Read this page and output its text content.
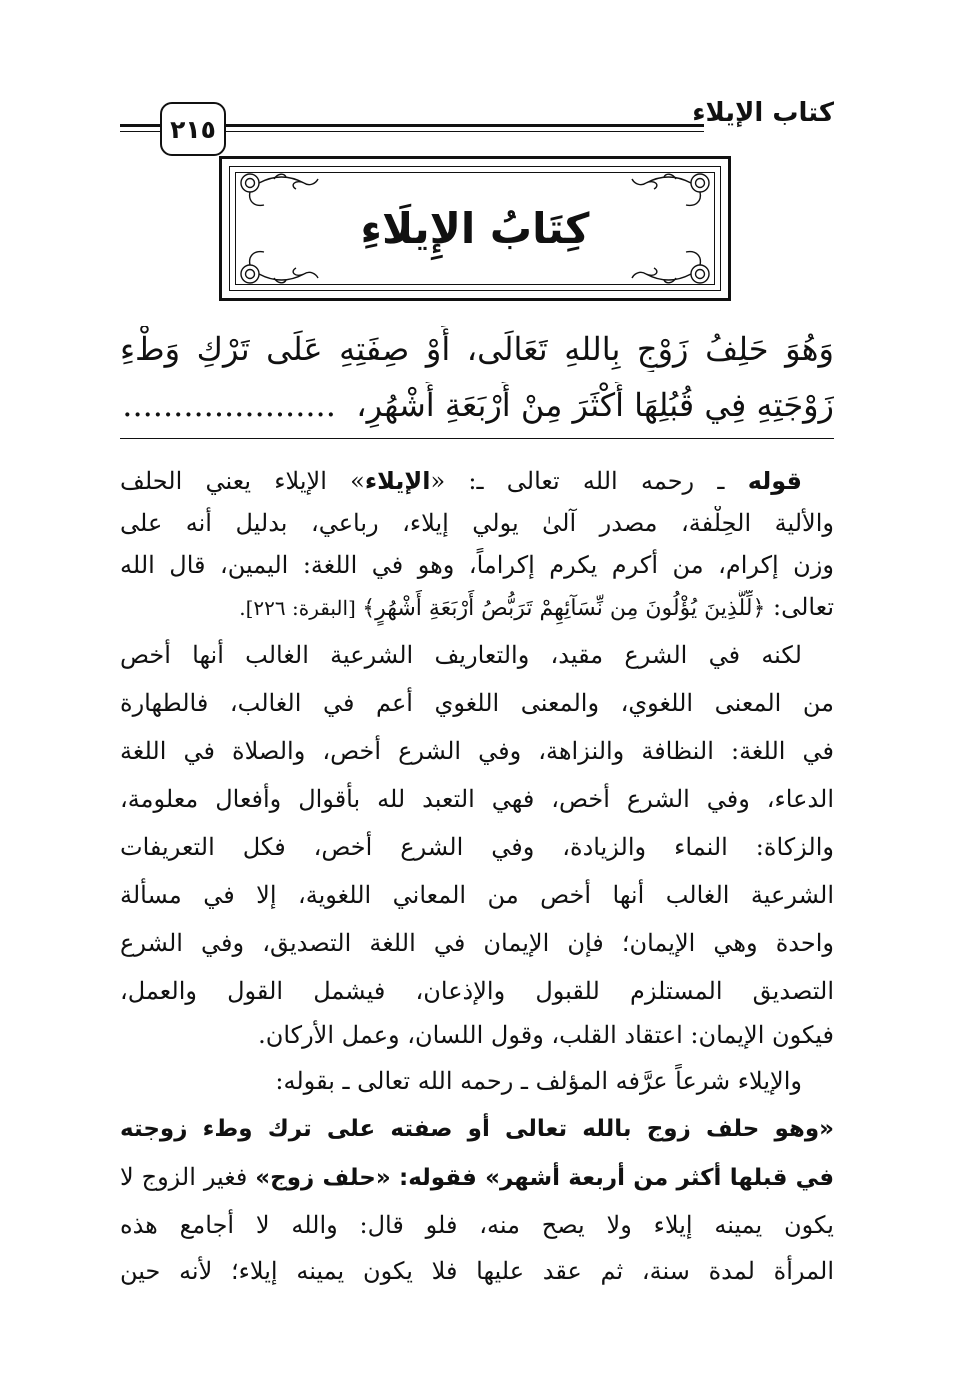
كتاب الإيلاء
٢١٥
كِتَابُ الإِيلَاءِ
وَهُوَ حَلِفُ زَوْجٍ بِاللهِ تَعَالَى، أَوْ صِفَتِهِ عَلَى تَرْكِ وَطْءِ
زَوْجَتِهِ فِي قُبُلِهَا أَكْثَرَ مِنْ أَرْبَعَةِ أَشْهُرٍ،  .....................
قوله ـ رحمه الله تعالى ـ: «الإيلاء» الإيلاء يعني الحلف
والألية الحِلْفة، مصدر آلىٰ يولي إيلاء، رباعي، بدليل أنه على
وزن إكرام، من أكرم يكرم إكراماً، وهو في اللغة: اليمين، قال الله
تعالى: ﴿لِّلَّذِينَ يُؤْلُونَ مِن نِّسَآئِهِمْ تَرَبُّصُ أَرْبَعَةِ أَشْهُرٍ﴾ [البقرة: ٢٢٦].
لكنه في الشرع مقيد، والتعاريف الشرعية الغالب أنها أخص
من المعنى اللغوي، والمعنى اللغوي أعم في الغالب، فالطهارة
في اللغة: النظافة والنزاهة، وفي الشرع أخص، والصلاة في اللغة
الدعاء، وفي الشرع أخص، فهي التعبد لله بأقوال وأفعال معلومة،
والزكاة: النماء والزيادة، وفي الشرع أخص، فكل التعريفات
الشرعية الغالب أنها أخص من المعاني اللغوية، إلا في مسألة
واحدة وهي الإيمان؛ فإن الإيمان في اللغة التصديق، وفي الشرع
التصديق المستلزم للقبول والإذعان، فيشمل القول والعمل،
فيكون الإيمان: اعتقاد القلب، وقول اللسان، وعمل الأركان.
والإيلاء شرعاً عرَّفه المؤلف ـ رحمه الله تعالى ـ بقوله:
«وهو حلف زوج بالله تعالى أو صفته على ترك وطء زوجته
في قبلها أكثر من أربعة أشهر» فقوله: «حلف زوج» فغير الزوج لا
يكون يمينه إيلاء ولا يصح منه، فلو قال: والله لا أجامع هذه
المرأة لمدة سنة، ثم عقد عليها فلا يكون يمينه إيلاء؛ لأنه حين
